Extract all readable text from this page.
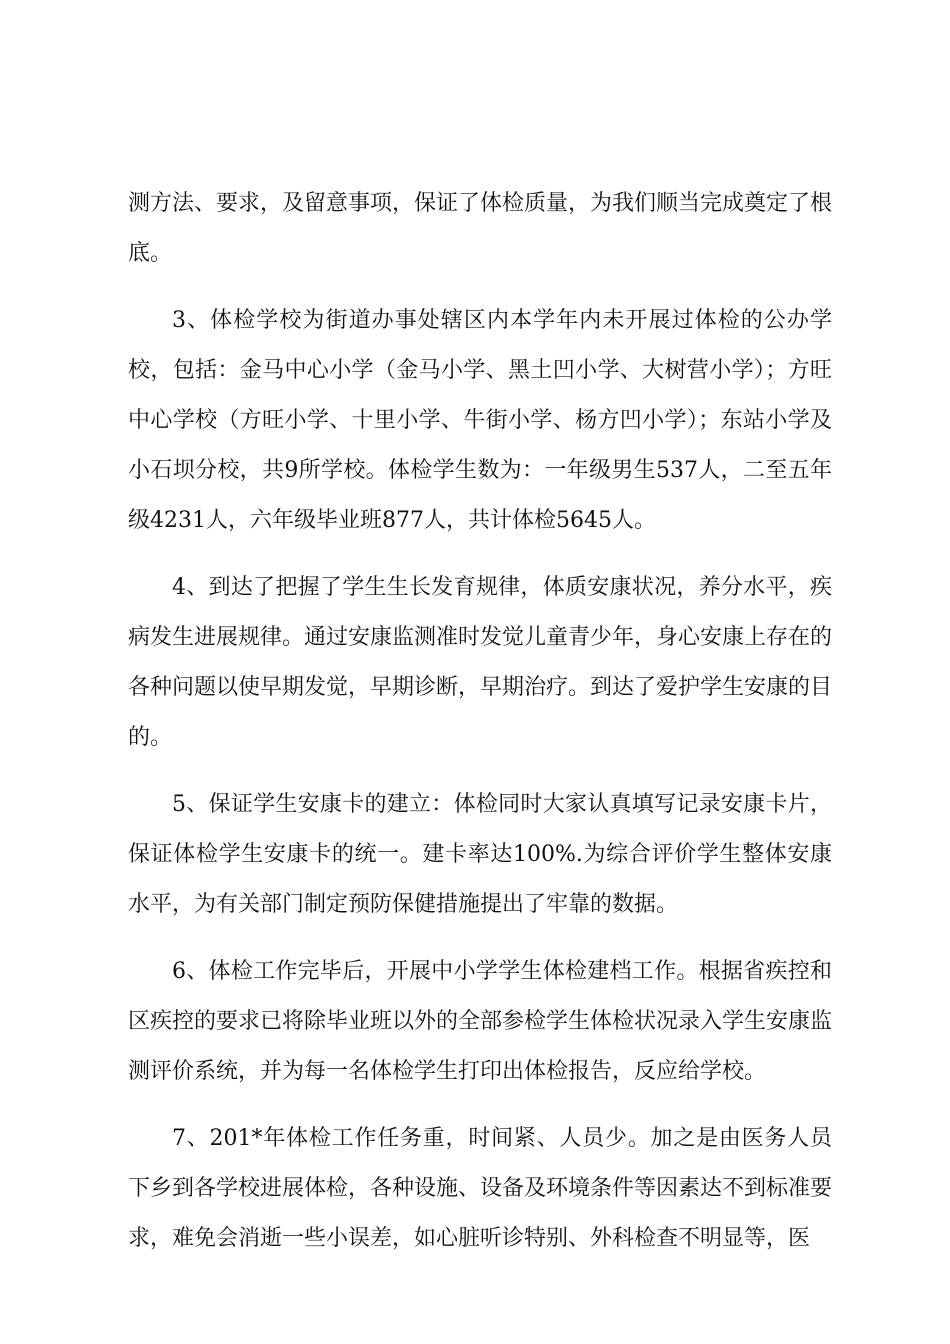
测方法、要求，及留意事项，保证了体检质量，为我们顺当完成奠定了根底。

3、体检学校为街道办事处辖区内本学年内未开展过体检的公办学校，包括：金马中心小学（金马小学、黑土凹小学、大树营小学）；方旺中心学校（方旺小学、十里小学、牛街小学、杨方凹小学）；东站小学及小石坝分校，共9所学校。体检学生数为：一年级男生537人，二至五年级4231人，六年级毕业班877人，共计体检5645人。

4、到达了把握了学生生长发育规律，体质安康状况，养分水平，疾病发生进展规律。通过安康监测准时发觉儿童青少年，身心安康上存在的各种问题以使早期发觉，早期诊断，早期治疗。到达了爱护学生安康的目的。

5、保证学生安康卡的建立：体检同时大家认真填写记录安康卡片，保证体检学生安康卡的统一。建卡率达100%.为综合评价学生整体安康水平，为有关部门制定预防保健措施提出了牢靠的数据。

6、体检工作完毕后，开展中小学学生体检建档工作。根据省疾控和区疾控的要求已将除毕业班以外的全部参检学生体检状况录入学生安康监测评价系统，并为每一名体检学生打印出体检报告，反应给学校。

7、201*年体检工作任务重，时间紧、人员少。加之是由医务人员下乡到各学校进展体检，各种设施、设备及环境条件等因素达不到标准要求，难免会消逝一些小误差，如心脏听诊特别、外科检查不明显等，医
